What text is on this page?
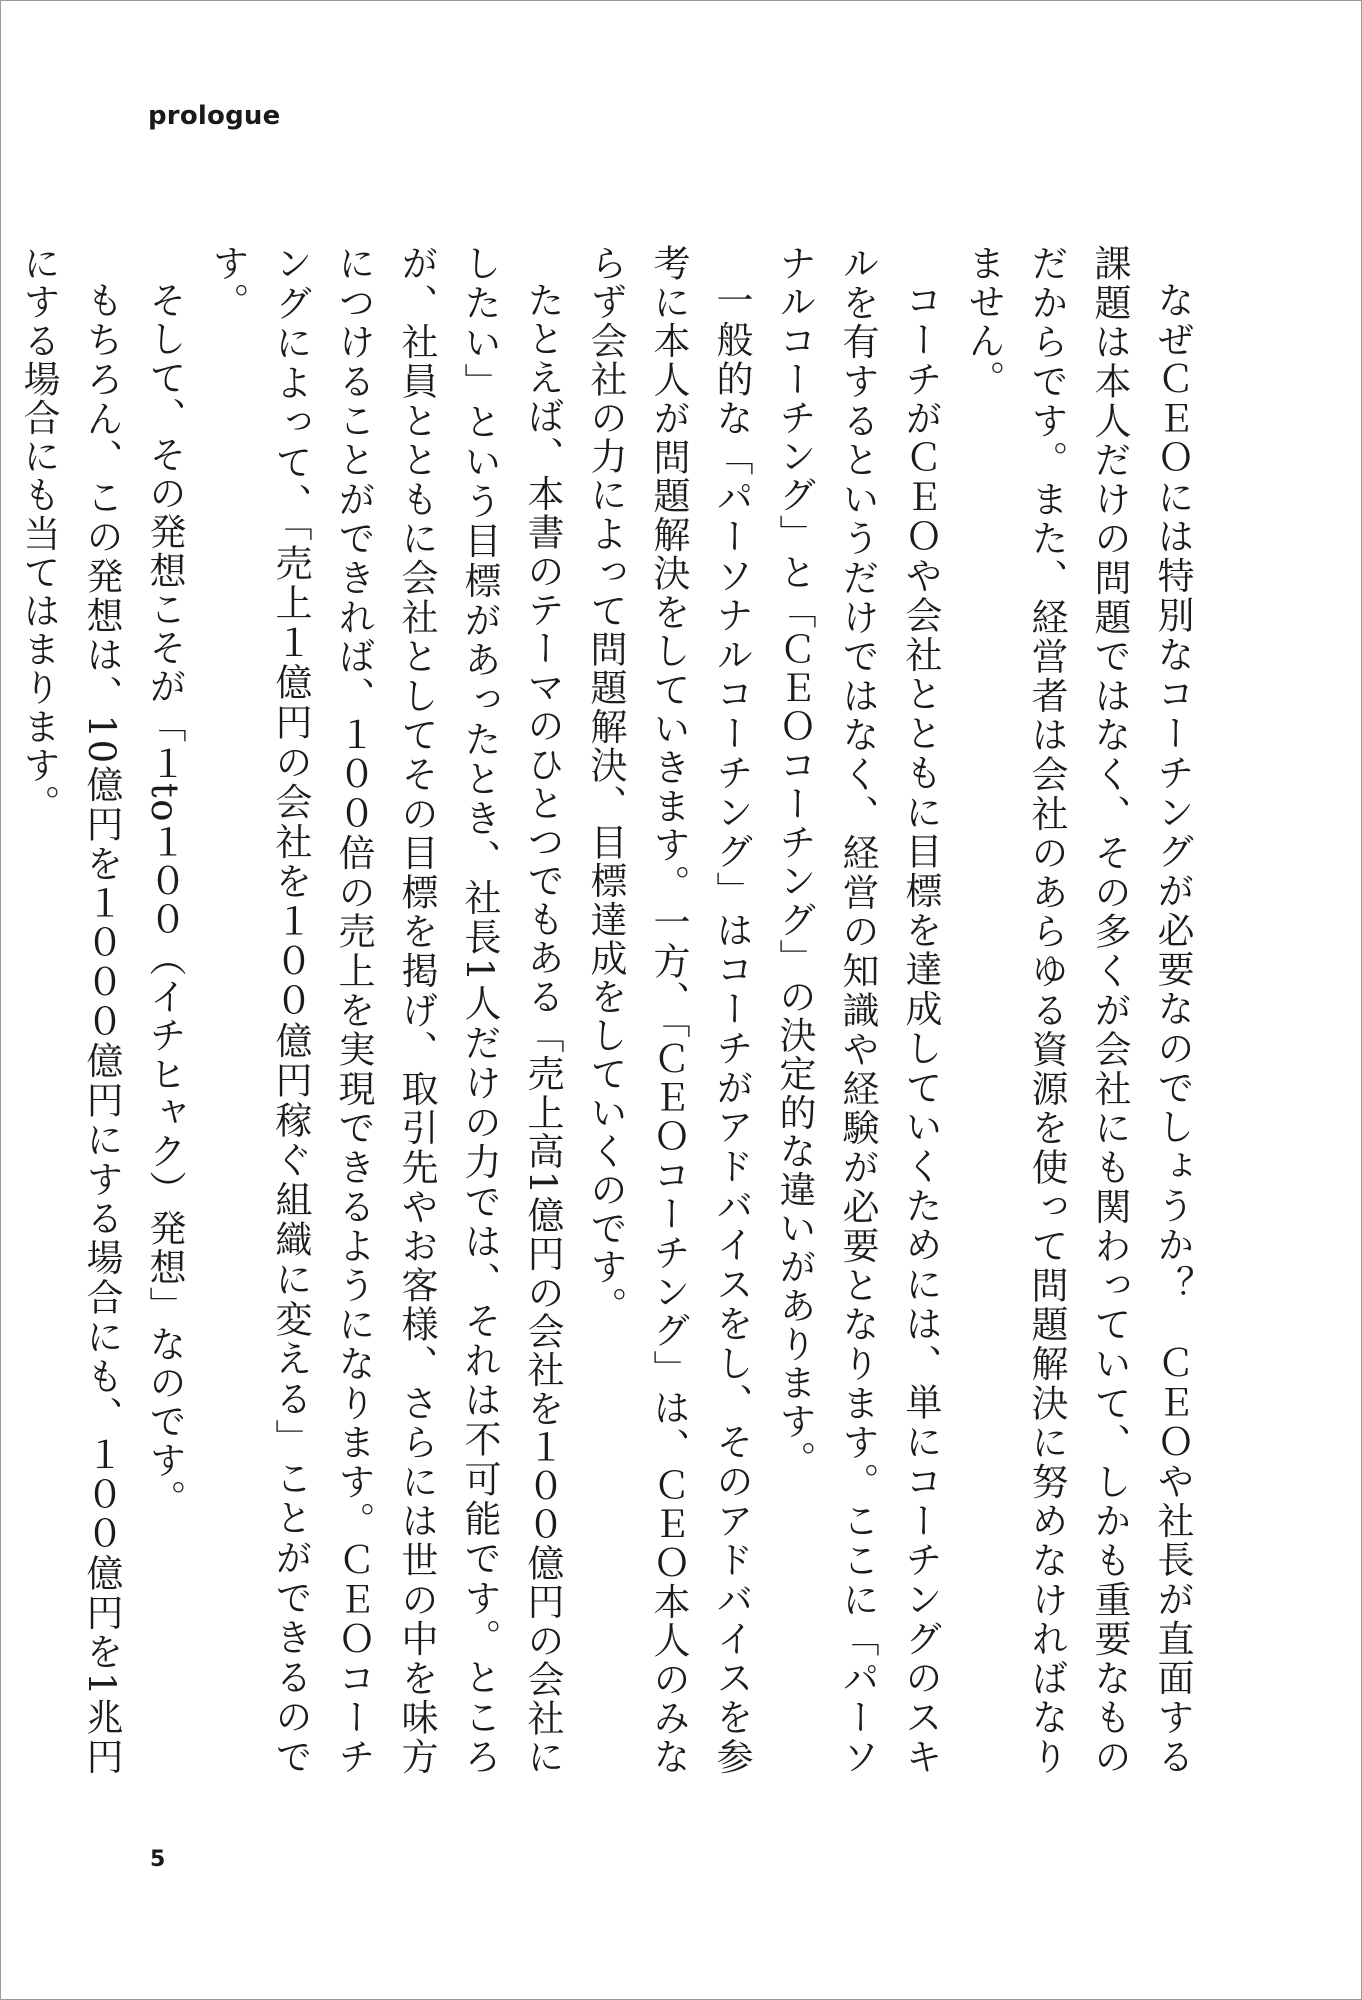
prologue

なぜＣＥＯには特別なコーチングが必要なのでしょうか？　ＣＥＯや社長が直面する課題は本人だけの問題ではなく、その多くが会社にも関わっていて、しかも重要なものだからです。また、経営者は会社のあらゆる資源を使って問題解決に努めなければなりません。

コーチがＣＥＯや会社とともに目標を達成していくためには、単にコーチングのスキルを有するというだけではなく、経営の知識や経験が必要となります。ここに「パーソナルコーチング」と「ＣＥＯコーチング」の決定的な違いがあります。

一般的な「パーソナルコーチング」はコーチがアドバイスをし、そのアドバイスを参考に本人が問題解決をしていきます。一方、「ＣＥＯコーチング」は、ＣＥＯ本人のみならず会社の力によって問題解決、目標達成をしていくのです。

たとえば、本書のテーマのひとつでもある「売上高1億円の会社を１００億円の会社にしたい」という目標があったとき、社長1人だけの力では、それは不可能です。ところが、社員とともに会社としてその目標を掲げ、取引先やお客様、さらには世の中を味方につけることができれば、１００倍の売上を実現できるようになります。ＣＥＯコーチングによって、「売上１億円の会社を１００億円稼ぐ組織に変える」ことができるのです。

そして、その発想こそが「１to１００（イチヒャク）発想」なのです。

もちろん、この発想は、10億円を１０００億円にする場合にも、１００億円を1兆円にする場合にも当てはまります。

5
